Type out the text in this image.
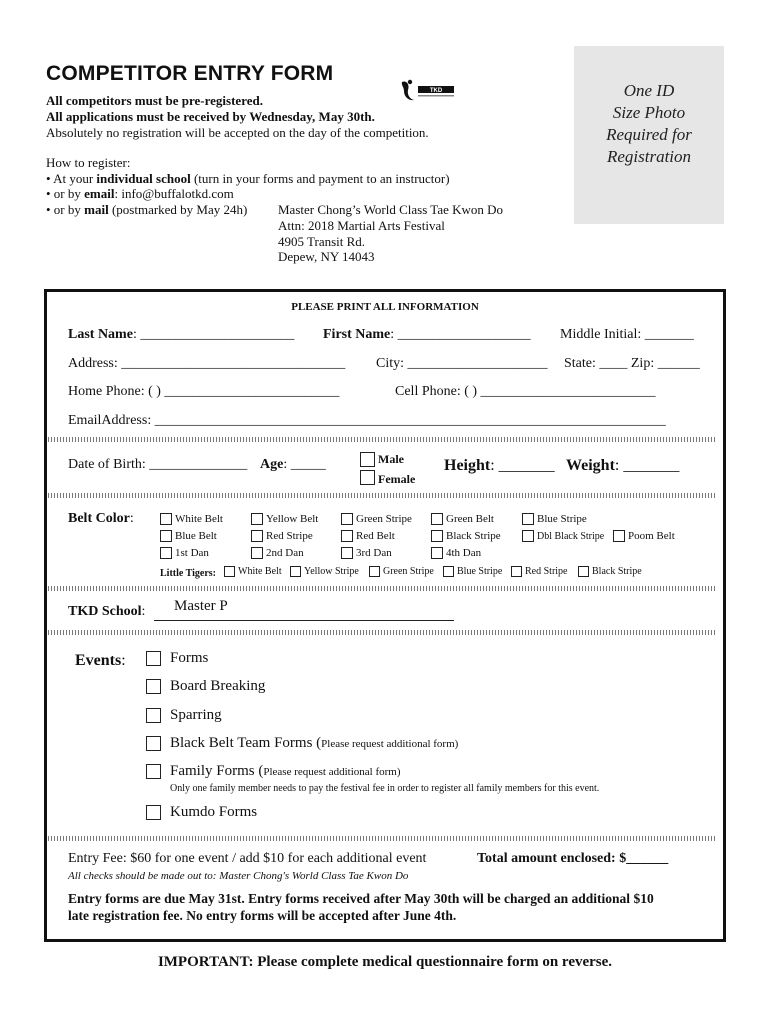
COMPETITOR ENTRY FORM
TKD
All competitors must be pre-registered.
All applications must be received by Wednesday, May 30th.
Absolutely no registration will be accepted on the day of the competition.
How to register:
• At your individual school (turn in your forms and payment to an instructor)
• or by email: info@buffalotkd.com
• or by mail (postmarked by May 24h) Master Chong’s World Class Tae Kwon Do
Attn: 2018 Martial Arts Festival
4905 Transit Rd.
Depew, NY 14043
One ID
Size Photo
Required for
Registration
PLEASE PRINT ALL INFORMATION
Last Name: ______________________ First Name: ___________________ Middle Initial: _______
Address: ________________________________ City: ____________________ State: ____ Zip: ______
Home Phone: ( ) _________________________	Cell Phone: ( ) _________________________
EmailAddress: _________________________________________________________________________
Date of Birth: ______________ Age: _____	Male
Female
Height: _______ Weight: _______
Belt Color:	White Belt	Yellow Belt	Green Stripe	Green Belt	Blue Stripe
Blue Belt	Red Stripe	Red Belt	Black Stripe	Dbl Black Stripe Poom Belt
1st Dan	2nd Dan	3rd Dan	4th Dan
Little Tigers: White Belt Yellow Stripe Green Stripe Blue Stripe Red Stripe Black Stripe
TKD School: Master P
Events:	Forms
Board Breaking
Sparring
Black Belt Team Forms (Please request additional form)
Family Forms (Please request additional form)
Only one family member needs to pay the festival fee in order to register all family members for this event.
Kumdo Forms
Entry Fee: $60 for one event / add $10 for each additional event	Total amount enclosed: $______
All checks should be made out to: Master Chong's World Class Tae Kwon Do
Entry forms are due May 31st. Entry forms received after May 30th will be charged an additional $10
late registration fee. No entry forms will be accepted after June 4th.
IMPORTANT: Please complete medical questionnaire form on reverse.
